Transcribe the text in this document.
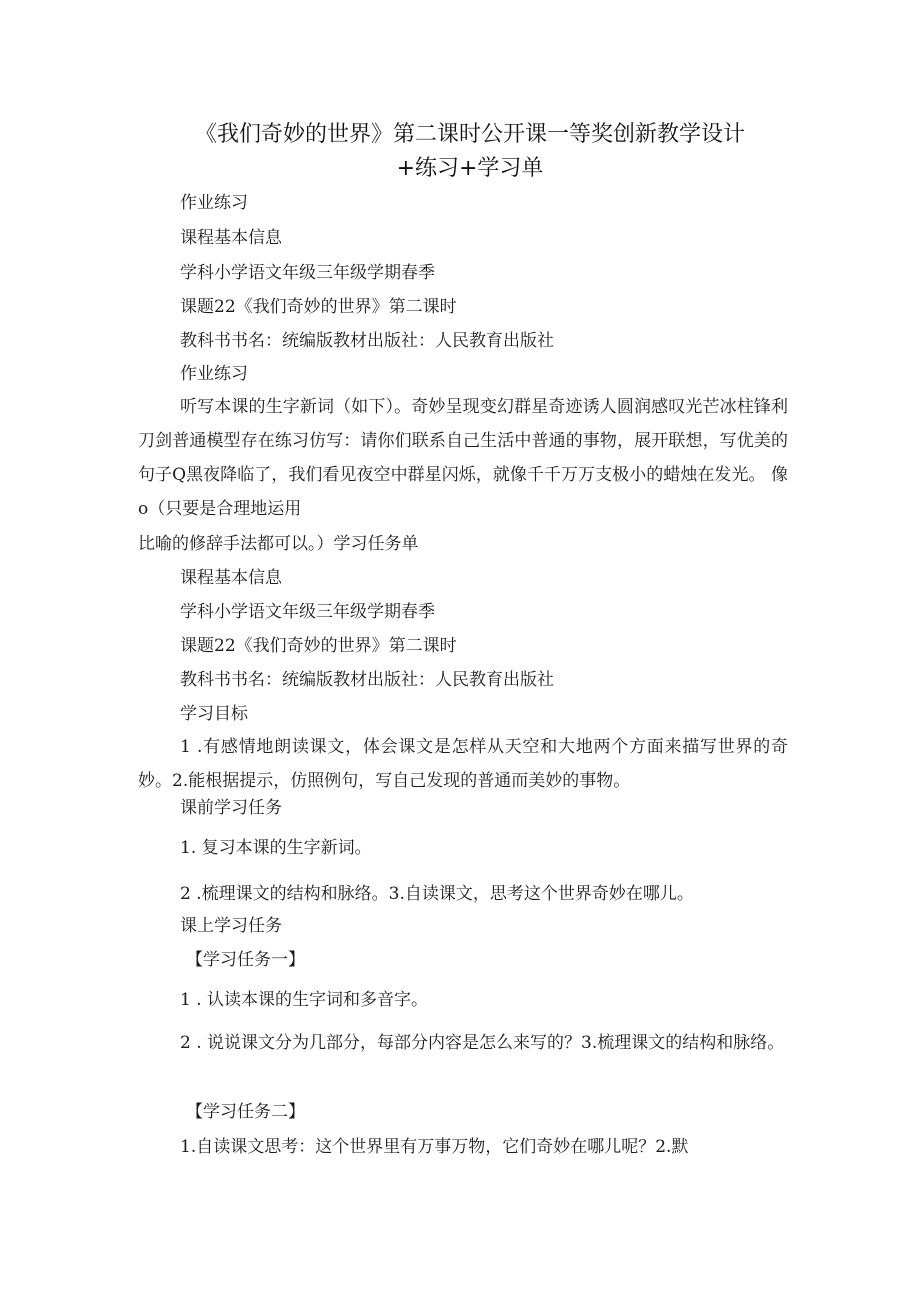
《我们奇妙的世界》第二课时公开课一等奖创新教学设计
+练习+学习单
作业练习
课程基本信息
学科小学语文年级三年级学期春季
课题22《我们奇妙的世界》第二课时
教科书书名：统编版教材出版社：人民教育出版社
作业练习
听写本课的生字新词（如下）。奇妙呈现变幻群星奇迹诱人圆润感叹光芒冰柱锋利刀剑普通模型存在练习仿写：请你们联系自己生活中普通的事物，展开联想，写优美的句子Q黑夜降临了，我们看见夜空中群星闪烁，就像千千万万支极小的蜡烛在发光。 像o（只要是合理地运用
比喻的修辞手法都可以。）学习任务单
课程基本信息
学科小学语文年级三年级学期春季
课题22《我们奇妙的世界》第二课时
教科书书名：统编版教材出版社：人民教育出版社
学习目标
1 .有感情地朗读课文，体会课文是怎样从天空和大地两个方面来描写世界的奇妙。2.能根据提示，仿照例句，写自己发现的普通而美妙的事物。
课前学习任务
1. 复习本课的生字新词。
2 .梳理课文的结构和脉络。3.自读课文，思考这个世界奇妙在哪儿。
课上学习任务
【学习任务一】
1 . 认读本课的生字词和多音字。
2 . 说说课文分为几部分，每部分内容是怎么来写的？3.梳理课文的结构和脉络。
【学习任务二】
1.自读课文思考：这个世界里有万事万物，它们奇妙在哪儿呢？2.默
